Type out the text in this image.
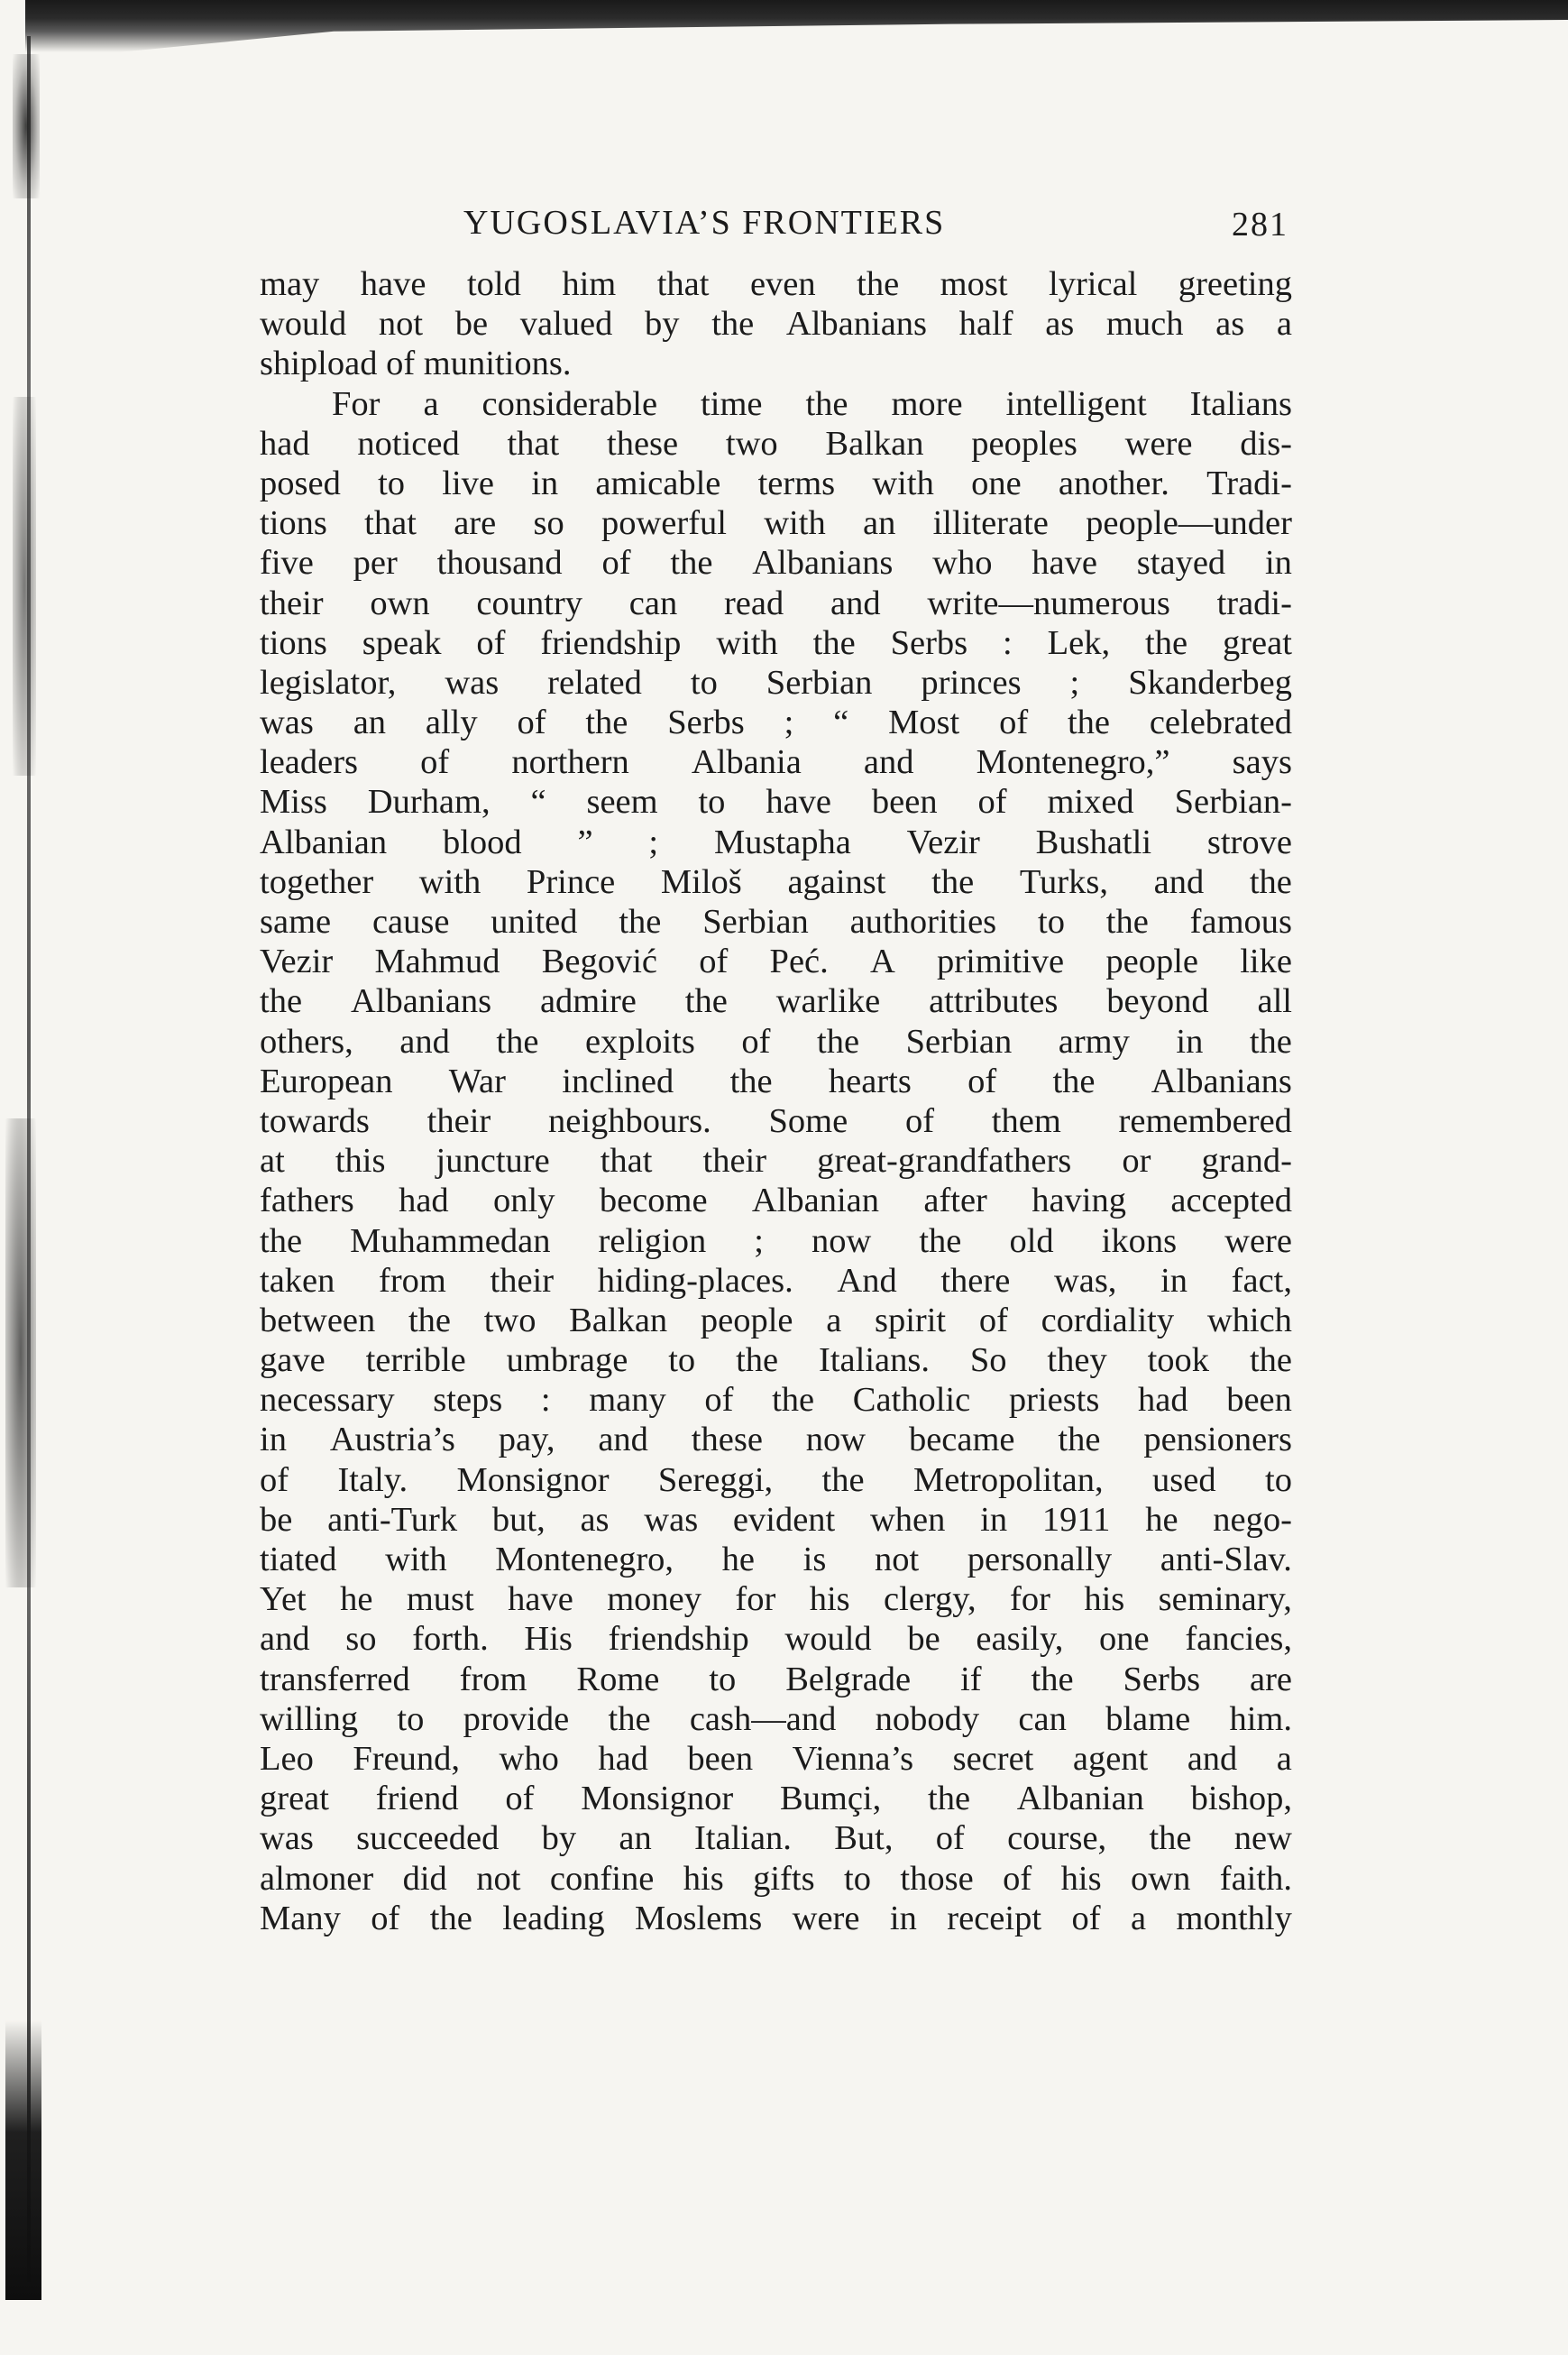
YUGOSLAVIA’S FRONTIERS	281
may have told him that even the most lyrical greeting
would not be valued by the Albanians half as much as a
shipload of munitions.
For a considerable time the more intelligent Italians
had noticed that these two Balkan peoples were dis-
posed to live in amicable terms with one another. Tradi-
tions that are so powerful with an illiterate people—under
five per thousand of the Albanians who have stayed in
their own country can read and write—numerous tradi-
tions speak of friendship with the Serbs : Lek, the great
legislator, was related to Serbian princes ; Skanderbeg
was an ally of the Serbs ; “ Most of the celebrated
leaders of northern Albania and Montenegro,” says
Miss Durham, “ seem to have been of mixed Serbian-
Albanian blood ” ; Mustapha Vezir Bushatli strove
together with Prince Miloš against the Turks, and the
same cause united the Serbian authorities to the famous
Vezir Mahmud Begović of Peć. A primitive people like
the Albanians admire the warlike attributes beyond all
others, and the exploits of the Serbian army in the
European War inclined the hearts of the Albanians
towards their neighbours. Some of them remembered
at this juncture that their great-grandfathers or grand-
fathers had only become Albanian after having accepted
the Muhammedan religion ; now the old ikons were
taken from their hiding-places. And there was, in fact,
between the two Balkan people a spirit of cordiality which
gave terrible umbrage to the Italians. So they took the
necessary steps : many of the Catholic priests had been
in Austria’s pay, and these now became the pensioners
of Italy. Monsignor Sereggi, the Metropolitan, used to
be anti-Turk but, as was evident when in 1911 he nego-
tiated with Montenegro, he is not personally anti-Slav.
Yet he must have money for his clergy, for his seminary,
and so forth. His friendship would be easily, one fancies,
transferred from Rome to Belgrade if the Serbs are
willing to provide the cash—and nobody can blame him.
Leo Freund, who had been Vienna’s secret agent and a
great friend of Monsignor Bumçi, the Albanian bishop,
was succeeded by an Italian. But, of course, the new
almoner did not confine his gifts to those of his own faith.
Many of the leading Moslems were in receipt of a monthly
